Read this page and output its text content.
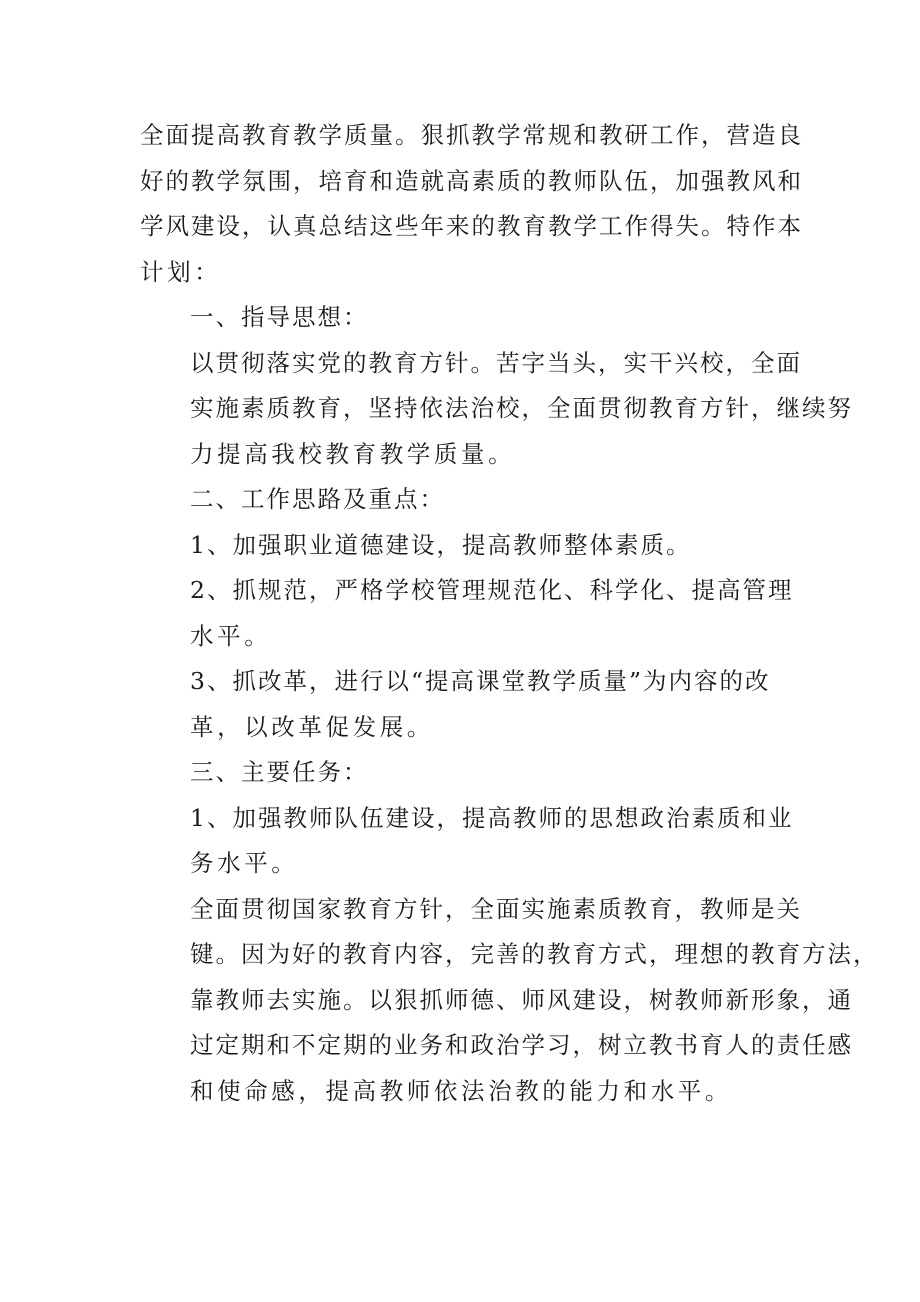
全面提高教育教学质量。狠抓教学常规和教研工作，营造良
好的教学氛围，培育和造就高素质的教师队伍，加强教风和
学风建设，认真总结这些年来的教育教学工作得失。特作本
计划：

一、指导思想：

以贯彻落实党的教育方针。苦字当头，实干兴校，全面
实施素质教育，坚持依法治校，全面贯彻教育方针，继续努
力提高我校教育教学质量。

二、工作思路及重点：

1、加强职业道德建设，提高教师整体素质。

2、抓规范，严格学校管理规范化、科学化、提高管理
水平。

3、抓改革，进行以“提高课堂教学质量”为内容的改
革，以改革促发展。

三、主要任务：

1、加强教师队伍建设，提高教师的思想政治素质和业
务水平。

全面贯彻国家教育方针，全面实施素质教育，教师是关
键。因为好的教育内容，完善的教育方式，理想的教育方法，
靠教师去实施。以狠抓师德、师风建设，树教师新形象，通
过定期和不定期的业务和政治学习，树立教书育人的责任感
和使命感，提高教师依法治教的能力和水平。
